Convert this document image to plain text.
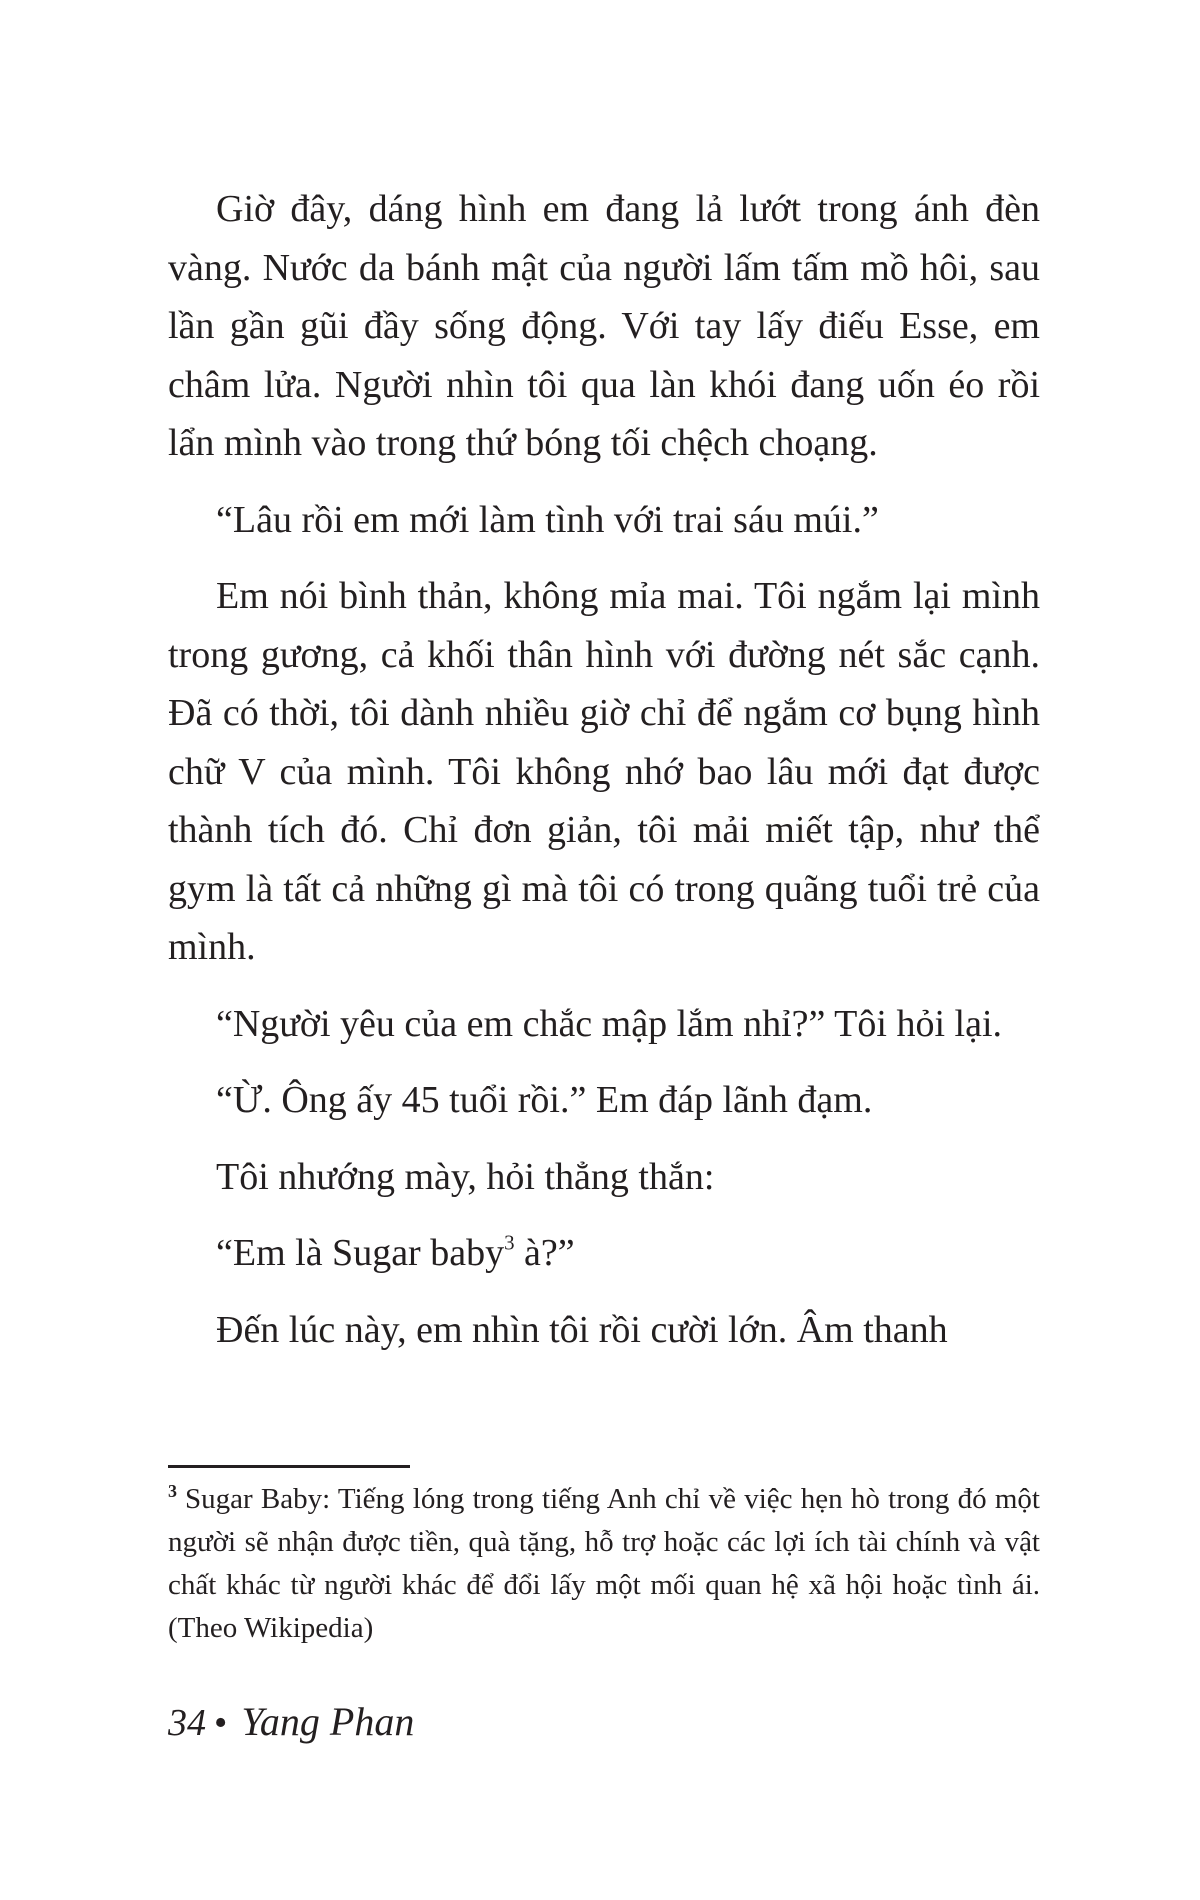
Giờ đây, dáng hình em đang lả lướt trong ánh đèn vàng. Nước da bánh mật của người lấm tấm mồ hôi, sau lần gần gũi đầy sống động. Với tay lấy điếu Esse, em châm lửa. Người nhìn tôi qua làn khói đang uốn éo rồi lẩn mình vào trong thứ bóng tối chệch choạng.

“Lâu rồi em mới làm tình với trai sáu múi.”

Em nói bình thản, không mỉa mai. Tôi ngắm lại mình trong gương, cả khối thân hình với đường nét sắc cạnh. Đã có thời, tôi dành nhiều giờ chỉ để ngắm cơ bụng hình chữ V của mình. Tôi không nhớ bao lâu mới đạt được thành tích đó. Chỉ đơn giản, tôi mải miết tập, như thể gym là tất cả những gì mà tôi có trong quãng tuổi trẻ của mình.

“Người yêu của em chắc mập lắm nhỉ?” Tôi hỏi lại.

“Ừ. Ông ấy 45 tuổi rồi.” Em đáp lãnh đạm.

Tôi nhướng mày, hỏi thẳng thắn:

“Em là Sugar baby$^3$ à?”

Đến lúc này, em nhìn tôi rồi cười lớn. Âm thanh

$^3$ Sugar Baby: Tiếng lóng trong tiếng Anh chỉ về việc hẹn hò trong đó một người sẽ nhận được tiền, quà tặng, hỗ trợ hoặc các lợi ích tài chính và vật chất khác từ người khác để đổi lấy một mối quan hệ xã hội hoặc tình ái. (Theo Wikipedia)
34 • Yang Phan
